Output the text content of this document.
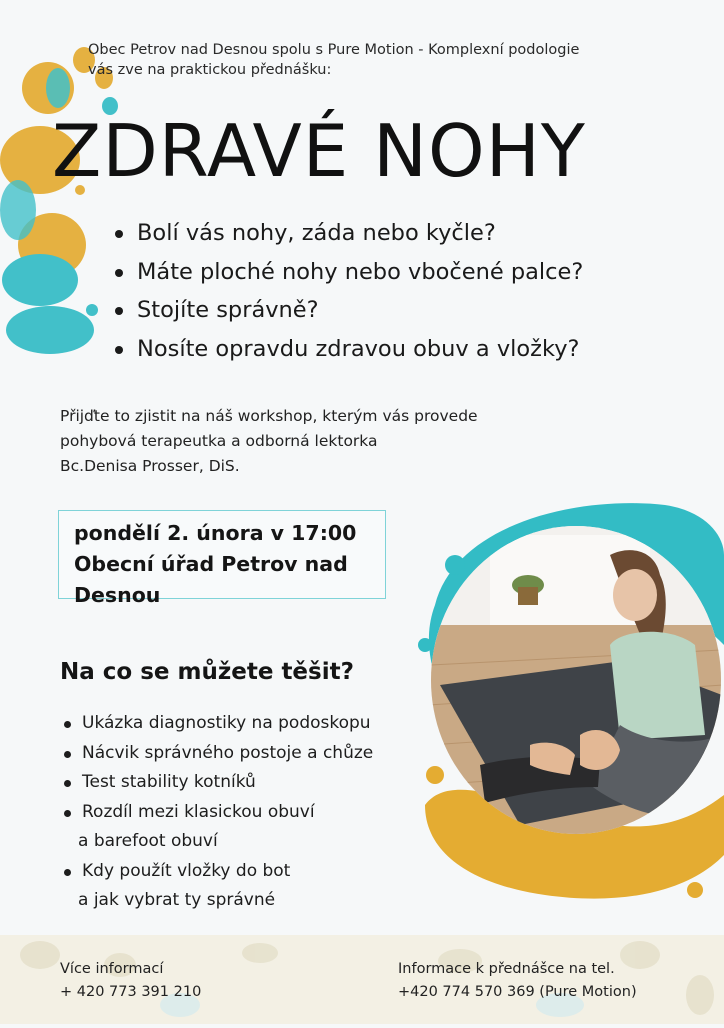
Obec Petrov nad Desnou spolu s Pure Motion - Komplexní podologie
vás zve na praktickou přednášku:
ZDRAVÉ NOHY
Bolí vás nohy, záda nebo kyčle?
Máte ploché nohy nebo vbočené palce?
Stojíte správně?
Nosíte opravdu zdravou obuv a vložky?
Přijďte to zjistit na náš workshop, kterým vás provede
pohybová terapeutka a odborná lektorka
Bc.Denisa Prosser, DiS.
pondělí 2. února v 17:00
Obecní úřad Petrov nad
Desnou
Na co se můžete těšit?
Ukázka diagnostiky na podoskopu
Nácvik správného postoje a chůze
Test stability kotníků
Rozdíl mezi klasickou obuví
a barefoot obuví
Kdy použít vložky do bot
a jak vybrat ty správné
Více informací
+ 420 773 391 210
Informace k přednášce na tel.
+420 774 570 369 (Pure Motion)
